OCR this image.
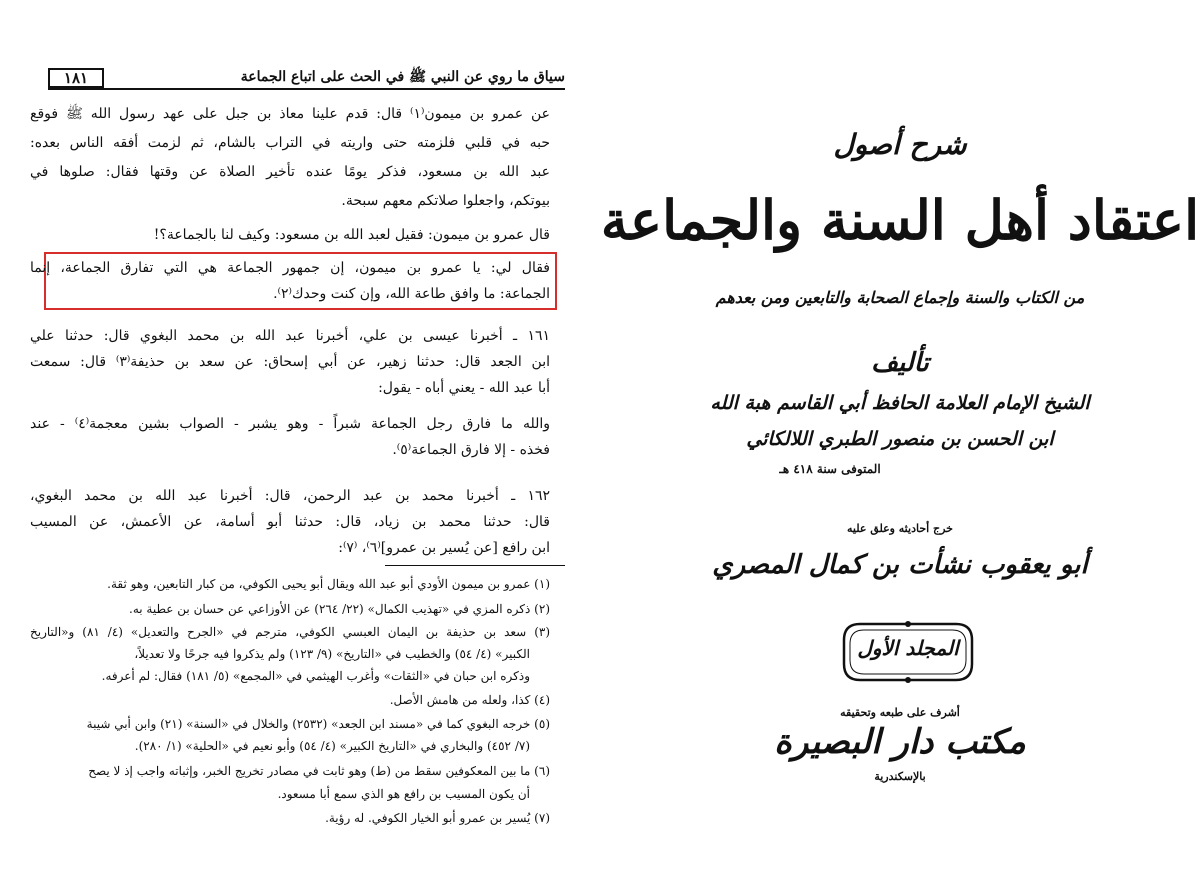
١٨١	سياق ما روي عن النبي ﷺ في الحث على اتباع الجماعة
عن عمرو بن ميمون⁽١⁾ قال: قدم علينا معاذ بن جبل على عهد رسول الله ﷺ فوقع
حبه في قلبي فلزمته حتى واريته في التراب بالشام، ثم لزمت أفقه الناس بعده:
عبد الله بن مسعود، فذكر يومًا عنده تأخير الصلاة عن وقتها فقال: صلوها في
بيوتكم، واجعلوا صلاتكم معهم سبحة.
قال عمرو بن ميمون: فقيل لعبد الله بن مسعود: وكيف لنا بالجماعة؟!
فقال لي: يا عمرو بن ميمون، إن جمهور الجماعة هي التي تفارق الجماعة، إنما
الجماعة: ما وافق طاعة الله، وإن كنت وحدك⁽٢⁾.
١٦١ ـ أخبرنا عيسى بن علي، أخبرنا عبد الله بن محمد البغوي قال: حدثنا علي
ابن الجعد قال: حدثنا زهير، عن أبي إسحاق: عن سعد بن حذيفة⁽٣⁾ قال: سمعت
أبا عبد الله - يعني أباه - يقول:
والله ما فارق رجل الجماعة شبراً - وهو يشبر - الصواب بشين معجمة⁽٤⁾ - عند
فخذه - إلا فارق الجماعة⁽٥⁾.
١٦٢ ـ أخبرنا محمد بن عبد الرحمن، قال: أخبرنا عبد الله بن محمد البغوي،
قال: حدثنا محمد بن زياد، قال: حدثنا أبو أسامة، عن الأعمش، عن المسيب
ابن رافع [عن يُسير بن عمرو]⁽٦⁾، ⁽٧⁾:
(١) عمرو بن ميمون الأودي أبو عبد الله ويقال أبو يحيى الكوفي، من كبار التابعين، وهو ثقة.
(٢) ذكره المزي في «تهذيب الكمال» (٢٢/ ٢٦٤) عن الأوزاعي عن حسان بن عطية به.
(٣) سعد بن حذيفة بن اليمان العبسي الكوفي، مترجم في «الجرح والتعديل» (٤/ ٨١) و«التاريخ
الكبير» (٤/ ٥٤) والخطيب في «التاريخ» (٩/ ١٢٣) ولم يذكروا فيه جرحًا ولا تعديلاً،
وذكره ابن حبان في «الثقات» وأغرب الهيثمي في «المجمع» (٥/ ١٨١) فقال: لم أعرفه.
(٤) كذا، ولعله من هامش الأصل.
(٥) خرجه البغوي كما في «مسند ابن الجعد» (٢٥٣٢) والخلال في «السنة» (٢١) وابن أبي شيبة
(٧/ ٤٥٢) والبخاري في «التاريخ الكبير» (٤/ ٥٤) وأبو نعيم في «الحلية» (١/ ٢٨٠).
(٦) ما بين المعكوفين سقط من (ط) وهو ثابت في مصادر تخريج الخبر، وإثباته واجب إذ لا يصح
أن يكون المسيب بن رافع هو الذي سمع أبا مسعود.
(٧) يُسير بن عمرو أبو الخيار الكوفي. له رؤية.
شرح أصول
اعتقاد أهل السنة والجماعة
من الكتاب والسنة وإجماع الصحابة والتابعين ومن بعدهم
تأليف
الشيخ الإمام العلامة الحافظ أبي القاسم هبة الله
ابن الحسن بن منصور الطبري اللالكائي
المتوفى سنة ٤١٨ هـ
خرج أحاديثه وعلق عليه
أبو يعقوب نشأت بن كمال المصري
المجلد الأول
أشرف على طبعه وتحقيقه
مكتب دار البصيرة
بالإسكندرية
